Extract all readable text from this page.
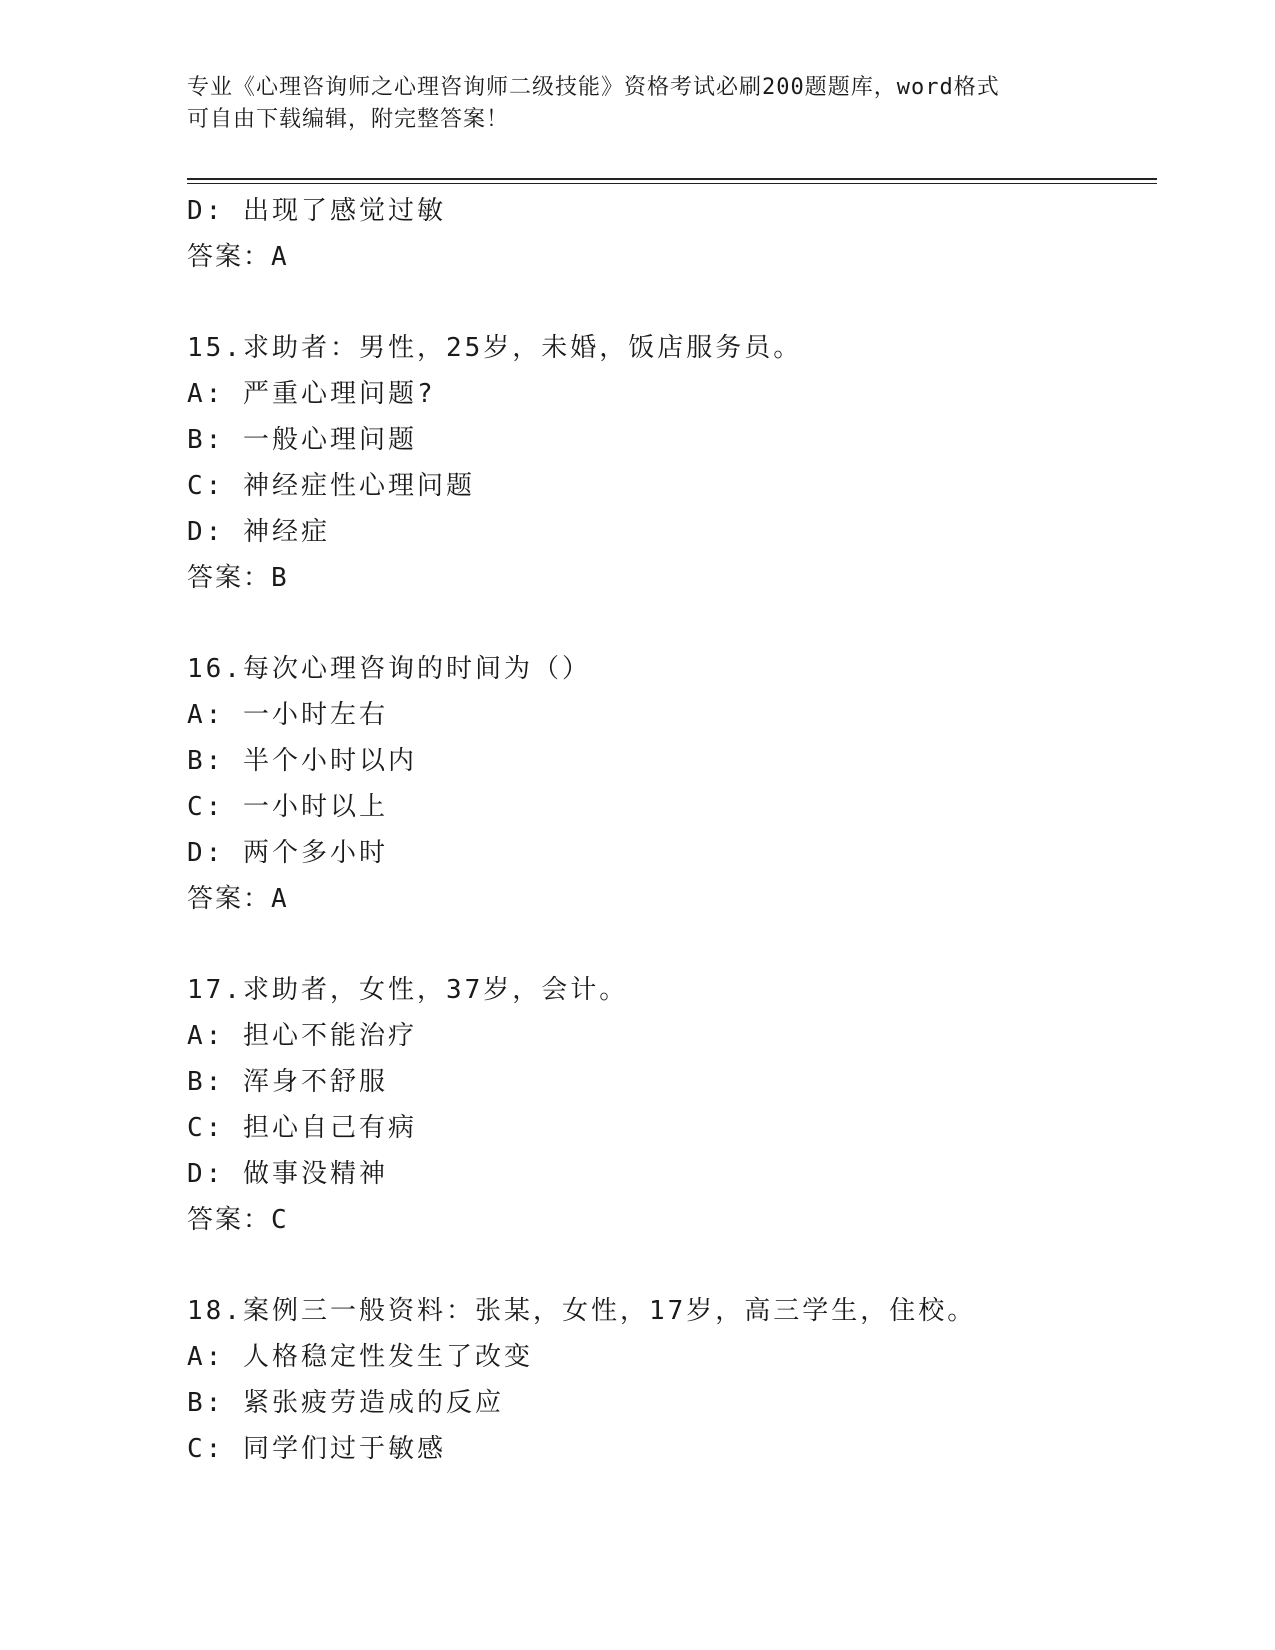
专业《心理咨询师之心理咨询师二级技能》资格考试必刷200题题库，word格式
可自由下载编辑，附完整答案！
D: 出现了感觉过敏
答案：A
15.求助者：男性，25岁，未婚，饭店服务员。
A: 严重心理问题?
B: 一般心理问题
C: 神经症性心理问题
D: 神经症
答案：B
16.每次心理咨询的时间为（）
A: 一小时左右
B: 半个小时以内
C: 一小时以上
D: 两个多小时
答案：A
17.求助者，女性，37岁，会计。
A: 担心不能治疗
B: 浑身不舒服
C: 担心自己有病
D: 做事没精神
答案：C
18.案例三一般资料：张某，女性，17岁，高三学生，住校。
A: 人格稳定性发生了改变
B: 紧张疲劳造成的反应
C: 同学们过于敏感
